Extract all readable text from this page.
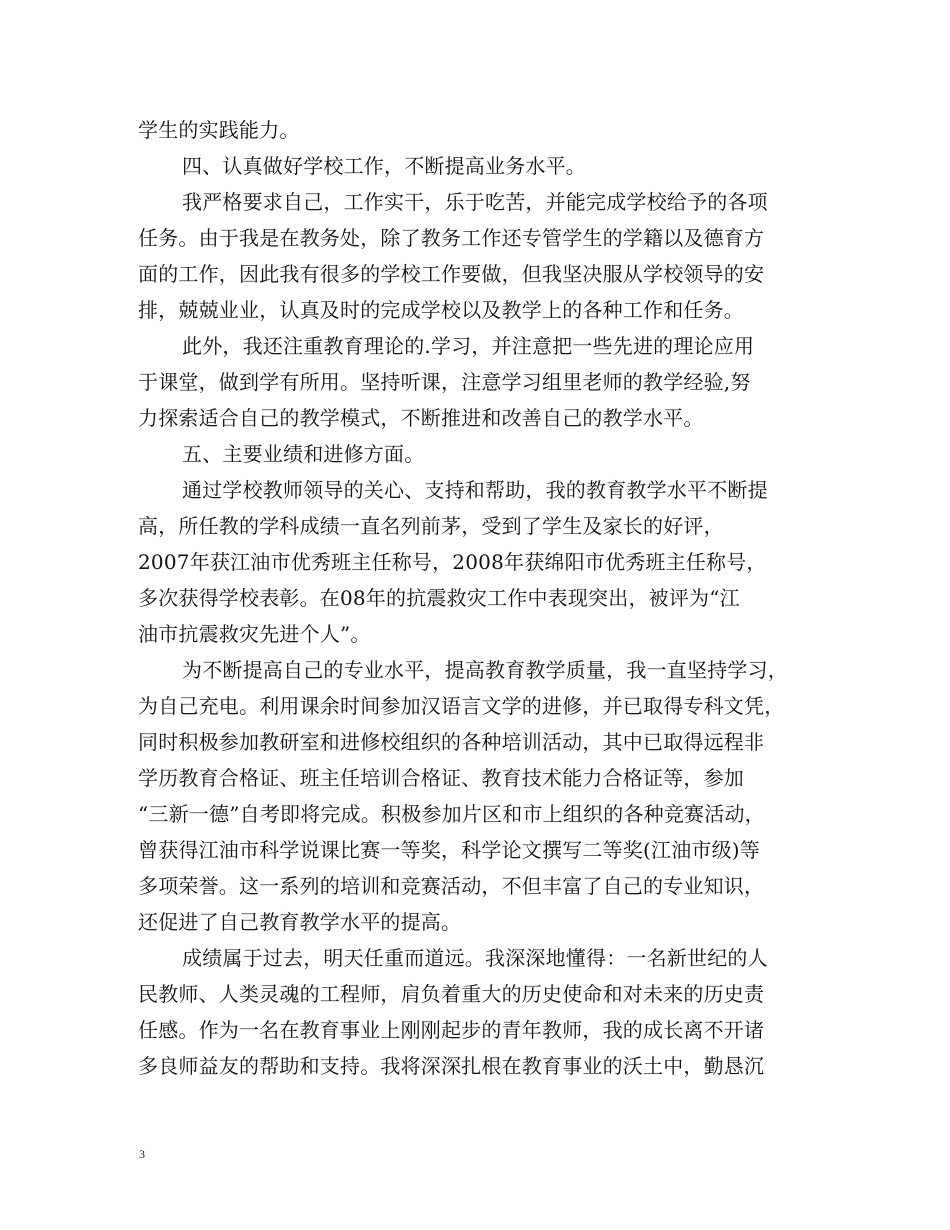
学生的实践能力。
四、认真做好学校工作，不断提高业务水平。
我严格要求自己，工作实干，乐于吃苦，并能完成学校给予的各项
任务。由于我是在教务处，除了教务工作还专管学生的学籍以及德育方
面的工作，因此我有很多的学校工作要做，但我坚决服从学校领导的安
排，兢兢业业，认真及时的完成学校以及教学上的各种工作和任务。
此外，我还注重教育理论的.学习，并注意把一些先进的理论应用
于课堂，做到学有所用。坚持听课，注意学习组里老师的教学经验,努
力探索适合自己的教学模式，不断推进和改善自己的教学水平。
五、主要业绩和进修方面。
通过学校教师领导的关心、支持和帮助，我的教育教学水平不断提
高，所任教的学科成绩一直名列前茅，受到了学生及家长的好评，
2007年获江油市优秀班主任称号，2008年获绵阳市优秀班主任称号，
多次获得学校表彰。在08年的抗震救灾工作中表现突出，被评为“江
油市抗震救灾先进个人”。
为不断提高自己的专业水平，提高教育教学质量，我一直坚持学习，
为自己充电。利用课余时间参加汉语言文学的进修，并已取得专科文凭，
同时积极参加教研室和进修校组织的各种培训活动，其中已取得远程非
学历教育合格证、班主任培训合格证、教育技术能力合格证等，参加
“三新一德”自考即将完成。积极参加片区和市上组织的各种竞赛活动，
曾获得江油市科学说课比赛一等奖，科学论文撰写二等奖(江油市级)等
多项荣誉。这一系列的培训和竞赛活动，不但丰富了自己的专业知识，
还促进了自己教育教学水平的提高。
成绩属于过去，明天任重而道远。我深深地懂得：一名新世纪的人
民教师、人类灵魂的工程师，肩负着重大的历史使命和对未来的历史责
任感。作为一名在教育事业上刚刚起步的青年教师，我的成长离不开诸
多良师益友的帮助和支持。我将深深扎根在教育事业的沃土中，勤恳沉
3
